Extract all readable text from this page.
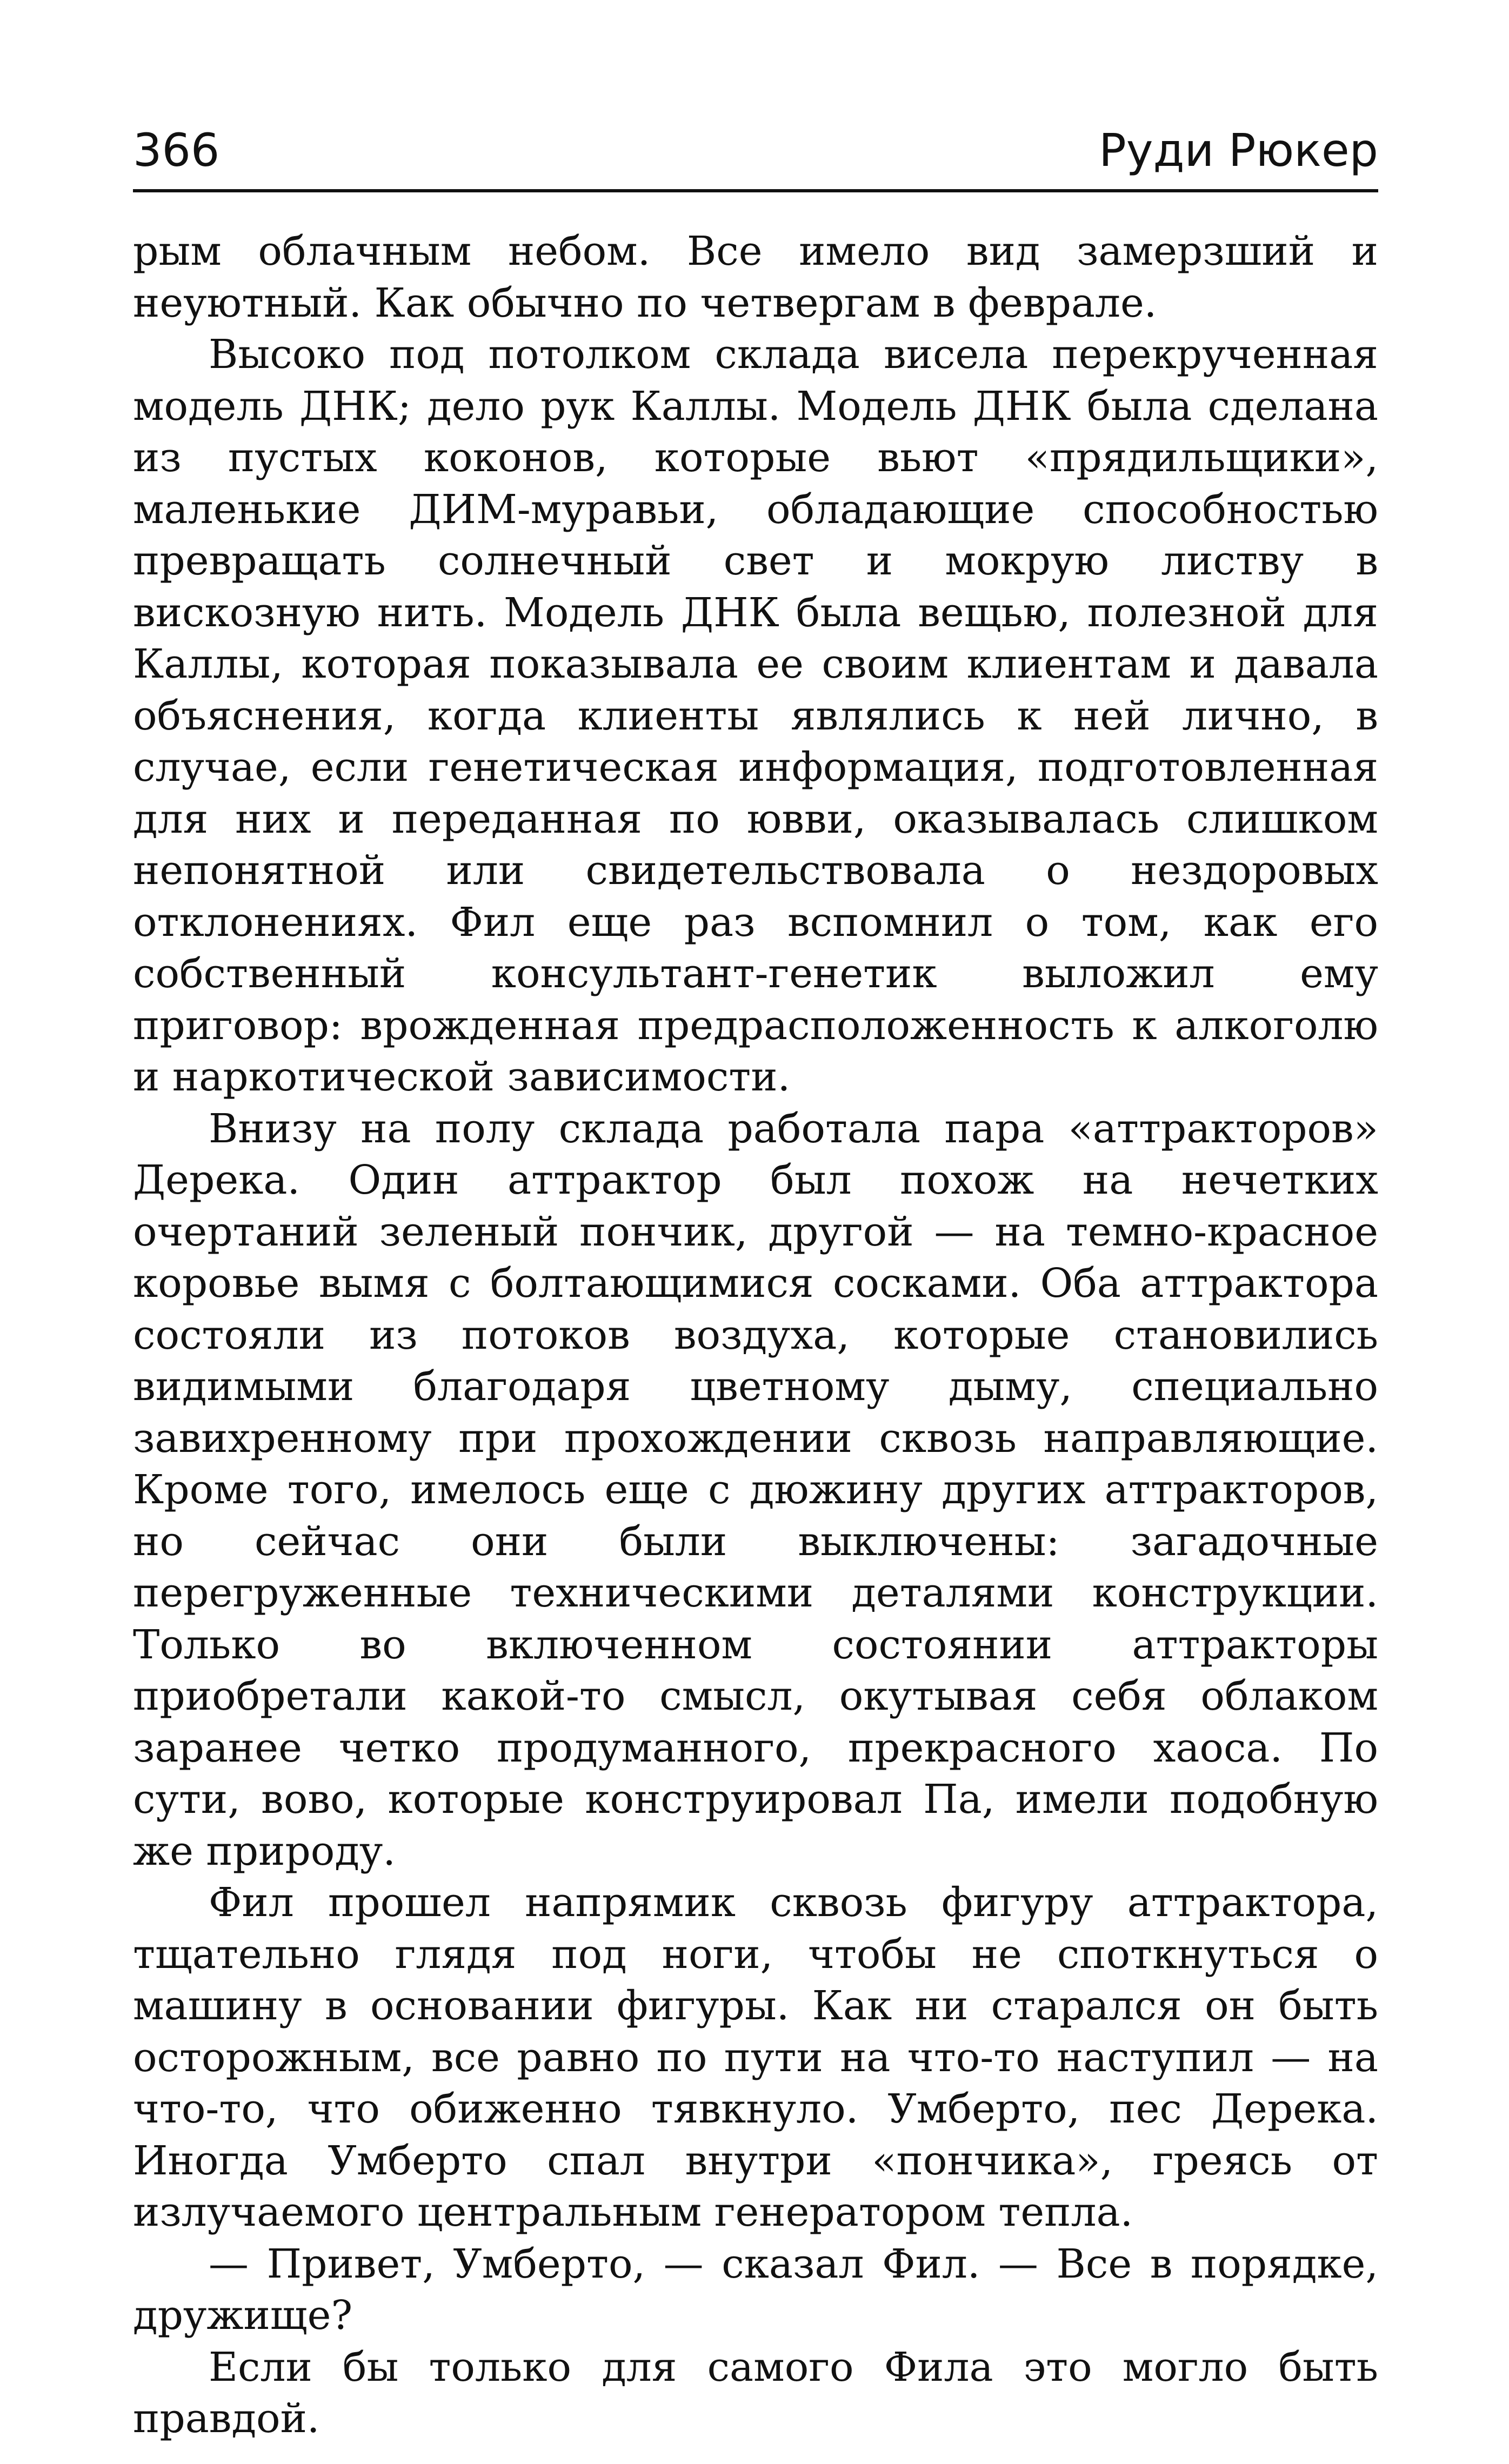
366	Руди Рюкер

рым облачным небом. Все имело вид замерзший и неуютный. Как обычно по четвергам в феврале.

Высоко под потолком склада висела перекрученная модель ДНК; дело рук Каллы. Модель ДНК была сделана из пустых коконов, которые вьют «прядильщики», маленькие ДИМ-муравьи, обладающие способностью превращать солнечный свет и мокрую листву в вискозную нить. Модель ДНК была вещью, полезной для Каллы, которая показывала ее своим клиентам и давала объяснения, когда клиенты являлись к ней лично, в случае, если генетическая информация, подготовленная для них и переданная по ювви, оказывалась слишком непонятной или свидетельствовала о нездоровых отклонениях. Фил еще раз вспомнил о том, как его собственный консультант-генетик выложил ему приговор: врожденная предрасположенность к алкоголю и наркотической зависимости.

Внизу на полу склада работала пара «аттракторов» Дерека. Один аттрактор был похож на нечетких очертаний зеленый пончик, другой — на темно-красное коровье вымя с болтающимися сосками. Оба аттрактора состояли из потоков воздуха, которые становились видимыми благодаря цветному дыму, специально завихренному при прохождении сквозь направляющие. Кроме того, имелось еще с дюжину других аттракторов, но сейчас они были выключены: загадочные перегруженные техническими деталями конструкции. Только во включенном состоянии аттракторы приобретали какой-то смысл, окутывая себя облаком заранее четко продуманного, прекрасного хаоса. По сути, вово, которые конструировал Па, имели подобную же природу.

Фил прошел напрямик сквозь фигуру аттрактора, тщательно глядя под ноги, чтобы не споткнуться о машину в основании фигуры. Как ни старался он быть осторожным, все равно по пути на что-то наступил — на что-то, что обиженно тявкнуло. Умберто, пес Дерека. Иногда Умберто спал внутри «пончика», греясь от излучаемого центральным генератором тепла.

— Привет, Умберто, — сказал Фил. — Все в порядке, дружище?

Если бы только для самого Фила это могло быть правдой.
